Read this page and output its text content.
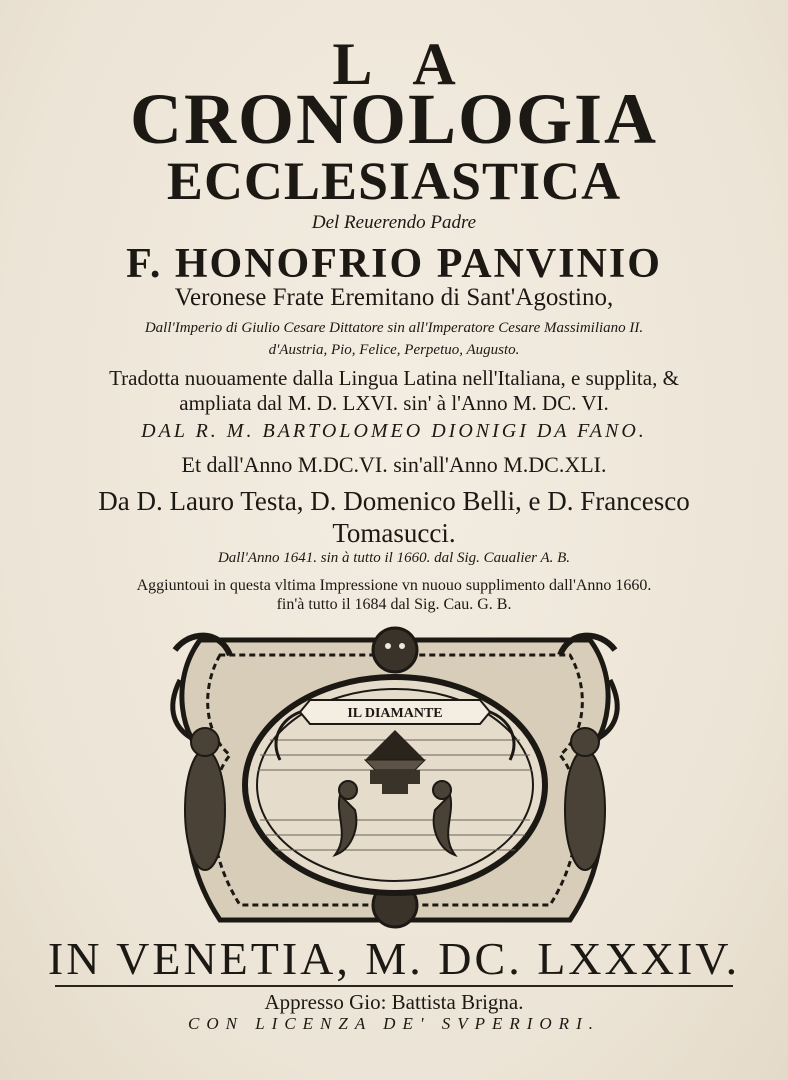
LA
CRONOLOGIA
ECCLESIASTICA
Del Reuerendo Padre
F. HONOFRIO PANVINIO
Veronese Frate Eremitano di Sant'Agostino,
Dall'Imperio di Giulio Cesare Dittatore sin all'Imperatore Cesare Massimiliano II.
d'Austria, Pio, Felice, Perpetuo, Augusto.
Tradotta nuouamente dalla Lingua Latina nell'Italiana, e supplita, &
ampliata dal M. D. LXVI. sin' à l'Anno M. DC. VI.
DAL R. M. BARTOLOMEO DIONIGI DA FANO.
Et dall'Anno M.DC.VI. sin'all'Anno M.DC.XLI.
Da D. Lauro Testa, D. Domenico Belli, e D. Francesco
Tomasucci.
Dall'Anno 1641. sin à tutto il 1660. dal Sig. Caualier A. B.
Aggiuntoui in questa vltima Impressione vn nuouo supplimento dall'Anno 1660.
fin'à tutto il 1684 dal Sig. Cau. G. B.
IL DIAMANTE
IN VENETIA, M. DC. LXXXIV.
Appresso Gio: Battista Brigna.
CON LICENZA DE' SVPERIORI.
